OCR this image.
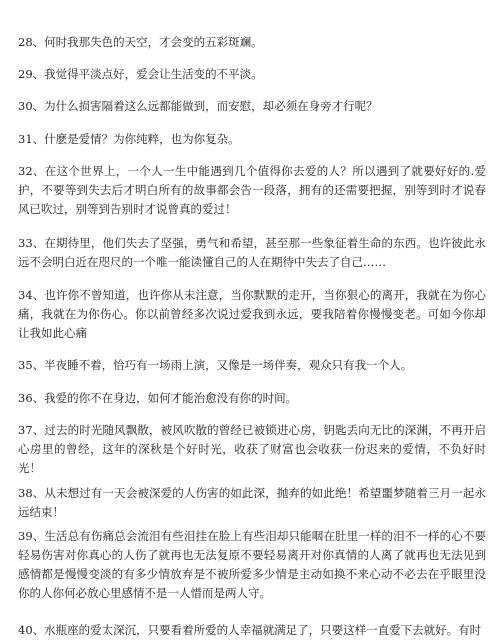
28、何时我那失色的天空，才会变的五彩斑斓。

29、我觉得平淡点好，爱会让生活变的不平淡。

30、为什么损害隔着这么远都能做到，而安慰，却必须在身旁才行呢？

31、什麽是爱情？为你纯粹，也为你复杂。

32、在这个世界上，一个人一生中能遇到几个值得你去爱的人？所以遇到了就要好好的.爱护，不要等到失去后才明白所有的故事都会告一段落，拥有的还需要把握，别等到时才说春风已吹过，别等到告别时才说曾真的爱过！

33、在期待里，他们失去了坚强，勇气和希望，甚至那一些象征着生命的东西。也许彼此永远不会明白近在咫尺的一个唯一能读懂自己的人在期待中失去了自己……

34、也许你不曾知道，也许你从未注意，当你默默的走开，当你狠心的离开，我就在为你心痛，我就在为你伤心。你以前曾经多次说过爱我到永远，要我陪着你慢慢变老。可如今你却让我如此心痛

35、半夜睡不着，恰巧有一场雨上演，又像是一场伴奏，观众只有我一个人。

36、我爱的你不在身边，如何才能治愈没有你的时间。

37、过去的时光随风飘散，被风吹散的曾经已被锁进心房，钥匙丢向无比的深渊，不再开启心房里的曾经，这年的深秋是个好时光，收获了财富也会收获一份迟来的爱情，不负好时光！

38、从未想过有一天会被深爱的人伤害的如此深，抛弃的如此绝！希望噩梦随着三月一起永远结束！

39、生活总有伤痛总会流泪有些泪挂在脸上有些泪却只能咽在肚里一样的泪不一样的心不要轻易伤害对你真心的人伤了就再也无法复原不要轻易离开对你真情的人离了就再也无法见到感情都是慢慢变淡的有多少情放弃是不被所爱多少情是主动如换不来心动不必去在乎眼里没你的人你何必放心里感情不是一人惜而是两人守。

40、水瓶座的爱太深沉，只要看着所爱的人幸福就满足了，只要这样一直爱下去就好。有时
